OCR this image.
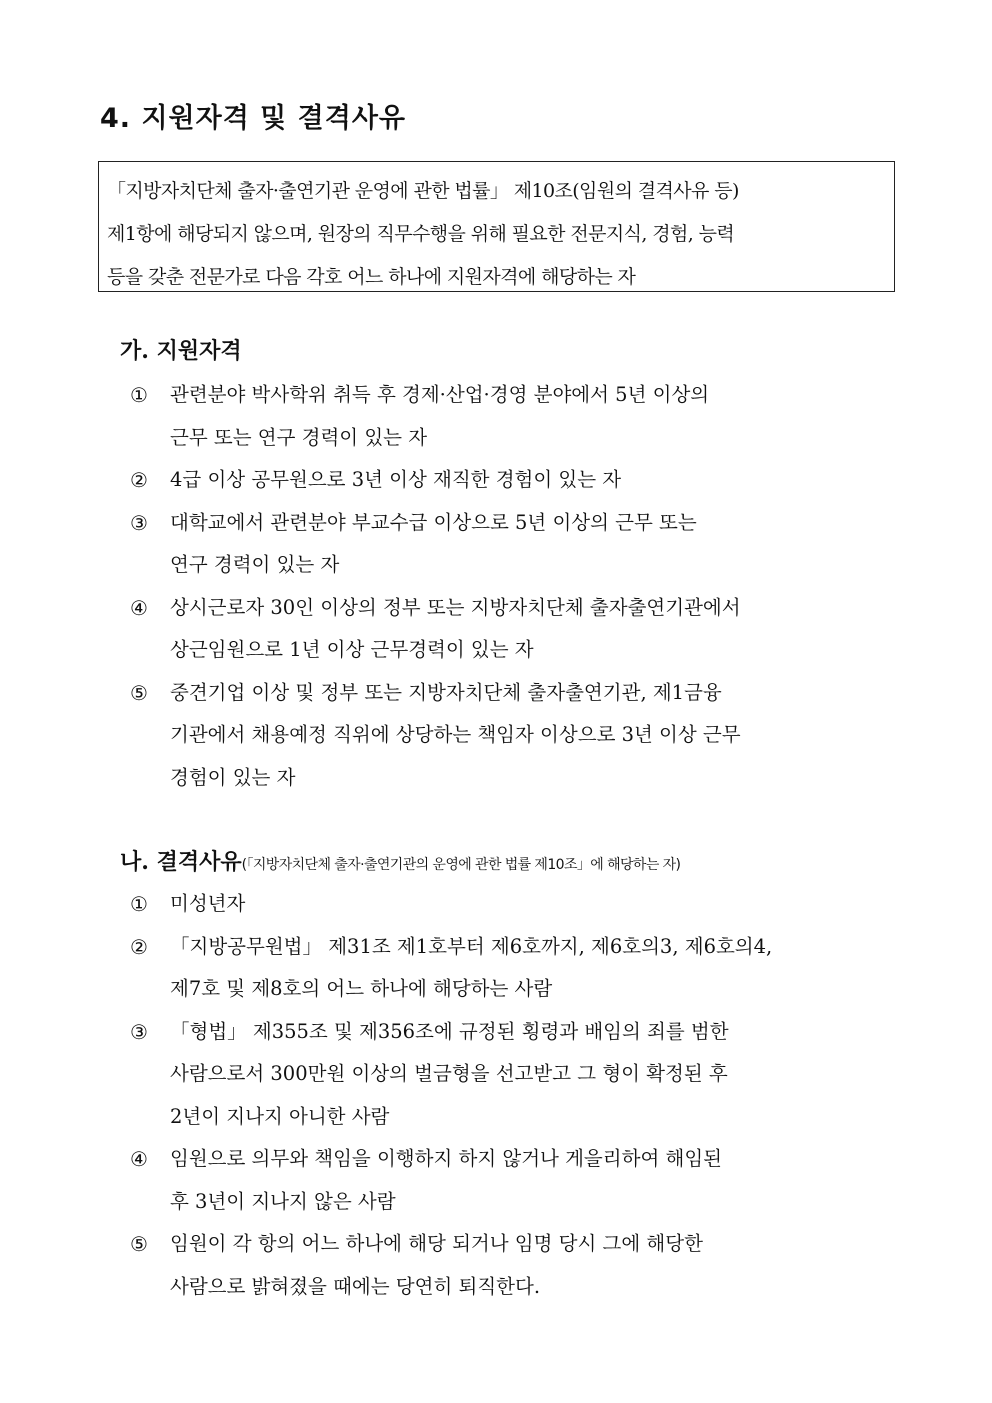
4. 지원자격 및 결격사유
「지방자치단체 출자·출연기관 운영에 관한 법률」 제10조(임원의 결격사유 등)
제1항에 해당되지 않으며, 원장의 직무수행을 위해 필요한 전문지식, 경험, 능력
등을 갖춘 전문가로 다음 각호 어느 하나에 지원자격에 해당하는 자
가. 지원자격
① 관련분야 박사학위 취득 후 경제·산업·경영 분야에서 5년 이상의
근무 또는 연구 경력이 있는 자
② 4급 이상 공무원으로 3년 이상 재직한 경험이 있는 자
③ 대학교에서 관련분야 부교수급 이상으로 5년 이상의 근무 또는
연구 경력이 있는 자
④ 상시근로자 30인 이상의 정부 또는 지방자치단체 출자출연기관에서
상근임원으로 1년 이상 근무경력이 있는 자
⑤ 중견기업 이상 및 정부 또는 지방자치단체 출자출연기관, 제1금융
기관에서 채용예정 직위에 상당하는 책임자 이상으로 3년 이상 근무
경험이 있는 자
나. 결격사유(「지방자치단체 출자·출연기관의 운영에 관한 법률 제10조」에 해당하는 자)
① 미성년자
② 「지방공무원법」 제31조 제1호부터 제6호까지, 제6호의3, 제6호의4,
제7호 및 제8호의 어느 하나에 해당하는 사람
③ 「형법」 제355조 및 제356조에 규정된 횡령과 배임의 죄를 범한
사람으로서 300만원 이상의 벌금형을 선고받고 그 형이 확정된 후
2년이 지나지 아니한 사람
④ 임원으로 의무와 책임을 이행하지 하지 않거나 게을리하여 해임된
후 3년이 지나지 않은 사람
⑤ 임원이 각 항의 어느 하나에 해당 되거나 임명 당시 그에 해당한
사람으로 밝혀졌을 때에는 당연히 퇴직한다.
